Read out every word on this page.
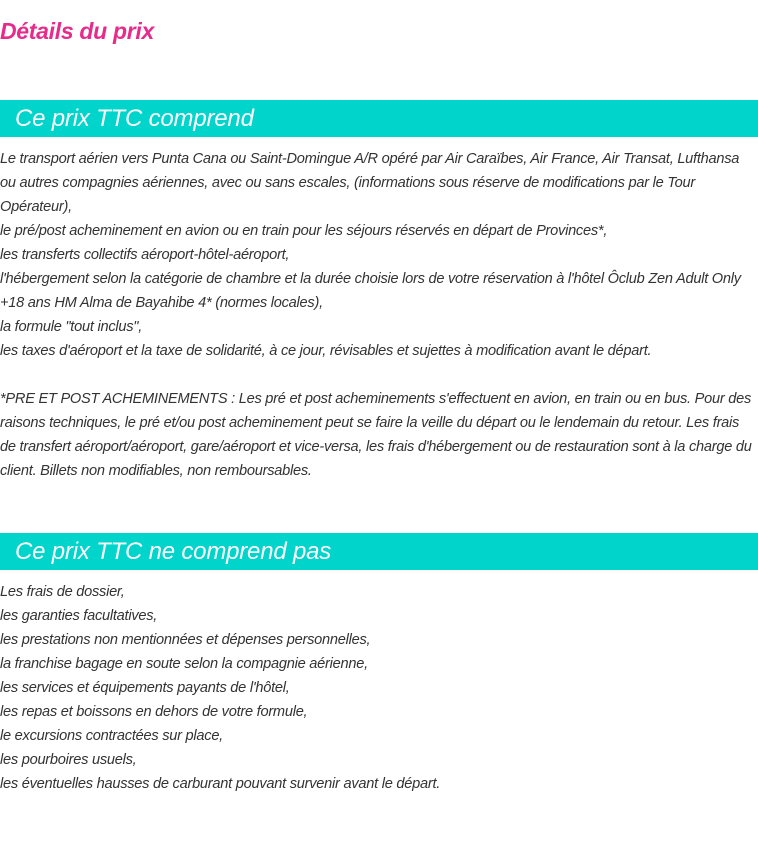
Détails du prix
Ce prix TTC comprend
Le transport aérien vers Punta Cana ou Saint-Domingue A/R opéré par Air Caraïbes, Air France, Air Transat, Lufthansa ou autres compagnies aériennes, avec ou sans escales, (informations sous réserve de modifications par le Tour Opérateur),
le pré/post acheminement en avion ou en train pour les séjours réservés en départ de Provinces*,
les transferts collectifs aéroport-hôtel-aéroport,
l'hébergement selon la catégorie de chambre et la durée choisie lors de votre réservation à l'hôtel Ôclub Zen Adult Only +18 ans HM Alma de Bayahibe 4* (normes locales),
la formule "tout inclus",
les taxes d'aéroport et la taxe de solidarité, à ce jour, révisables et sujettes à modification avant le départ.

*PRE ET POST ACHEMINEMENTS : Les pré et post acheminements s'effectuent en avion, en train ou en bus. Pour des raisons techniques, le pré et/ou post acheminement peut se faire la veille du départ ou le lendemain du retour. Les frais de transfert aéroport/aéroport, gare/aéroport et vice-versa, les frais d'hébergement ou de restauration sont à la charge du client. Billets non modifiables, non remboursables.

Ce prix TTC ne comprend pas
Les frais de dossier,
les garanties facultatives,
les prestations non mentionnées et dépenses personnelles,
la franchise bagage en soute selon la compagnie aérienne,
les services et équipements payants de l'hôtel,
les repas et boissons en dehors de votre formule,
le excursions contractées sur place,
les pourboires usuels,
les éventuelles hausses de carburant pouvant survenir avant le départ.
